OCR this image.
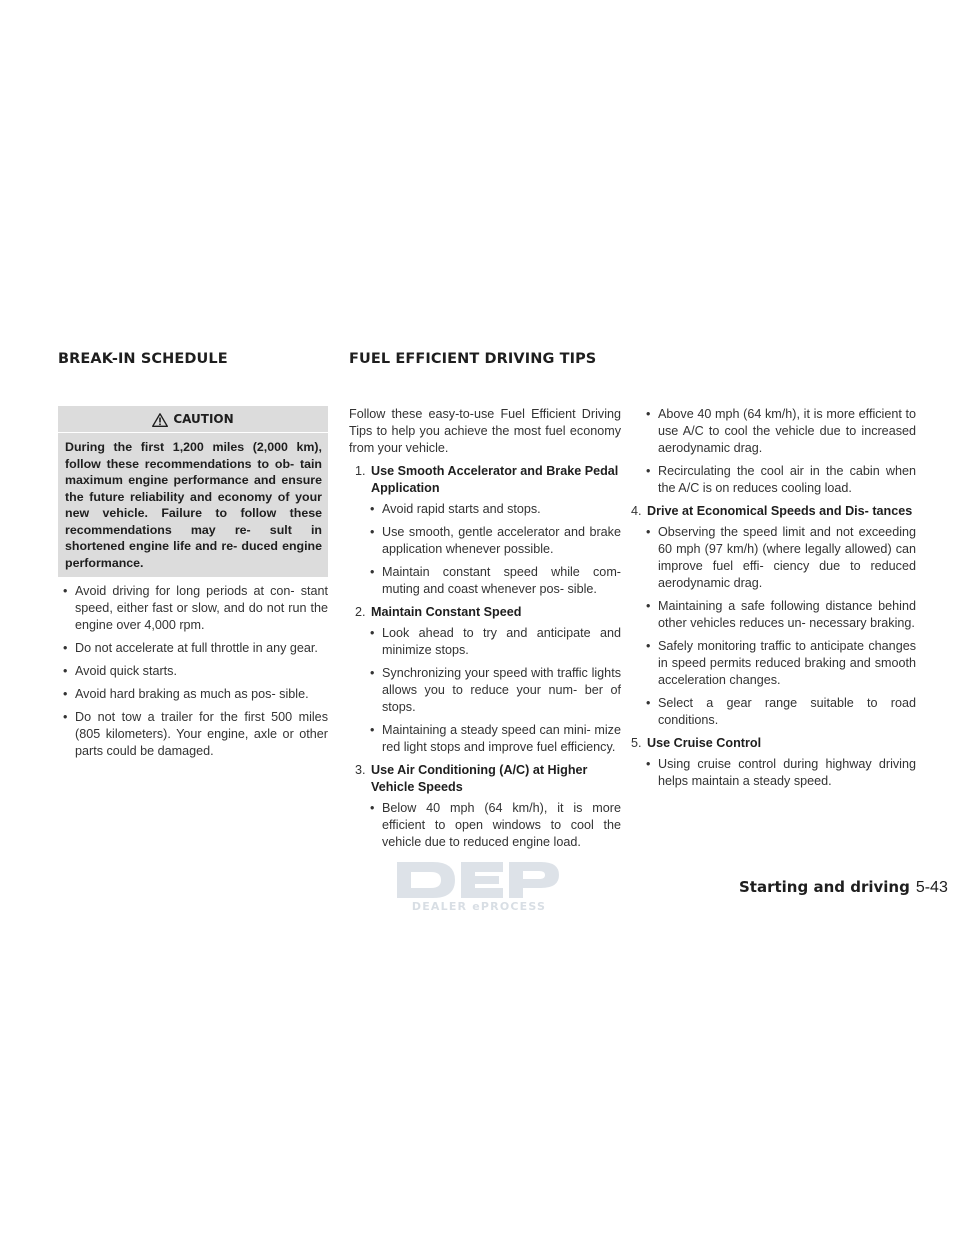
BREAK-IN SCHEDULE	FUEL EFFICIENT DRIVING TIPS
CAUTION
During the first 1,200 miles (2,000 km), follow these recommendations to ob- tain maximum engine performance and ensure the future reliability and economy of your new vehicle. Failure to follow these recommendations may re- sult in shortened engine life and re- duced engine performance.
• Avoid driving for long periods at con- stant speed, either fast or slow, and do not run the engine over 4,000 rpm.
• Do not accelerate at full throttle in any gear.
• Avoid quick starts.
• Avoid hard braking as much as pos- sible.
• Do not tow a trailer for the first 500 miles (805 kilometers). Your engine, axle or other parts could be damaged.
Follow these easy-to-use Fuel Efficient Driving Tips to help you achieve the most fuel economy from your vehicle.
1. Use Smooth Accelerator and Brake Pedal Application
• Avoid rapid starts and stops.
• Use smooth, gentle accelerator and brake application whenever possible.
• Maintain constant speed while com- muting and coast whenever pos- sible.
2. Maintain Constant Speed
• Look ahead to try and anticipate and minimize stops.
• Synchronizing your speed with traffic lights allows you to reduce your num- ber of stops.
• Maintaining a steady speed can mini- mize red light stops and improve fuel efficiency.
3. Use Air Conditioning (A/C) at Higher Vehicle Speeds
• Below 40 mph (64 km/h), it is more efficient to open windows to cool the vehicle due to reduced engine load.
• Above 40 mph (64 km/h), it is more efficient to use A/C to cool the vehicle due to increased aerodynamic drag.
• Recirculating the cool air in the cabin when the A/C is on reduces cooling load.
4. Drive at Economical Speeds and Dis- tances
• Observing the speed limit and not exceeding 60 mph (97 km/h) (where legally allowed) can improve fuel effi- ciency due to reduced aerodynamic drag.
• Maintaining a safe following distance behind other vehicles reduces un- necessary braking.
• Safely monitoring traffic to anticipate changes in speed permits reduced braking and smooth acceleration changes.
• Select a gear range suitable to road conditions.
5. Use Cruise Control
• Using cruise control during highway driving helps maintain a steady speed.
DEALER ePROCESS
Starting and driving 5-43
